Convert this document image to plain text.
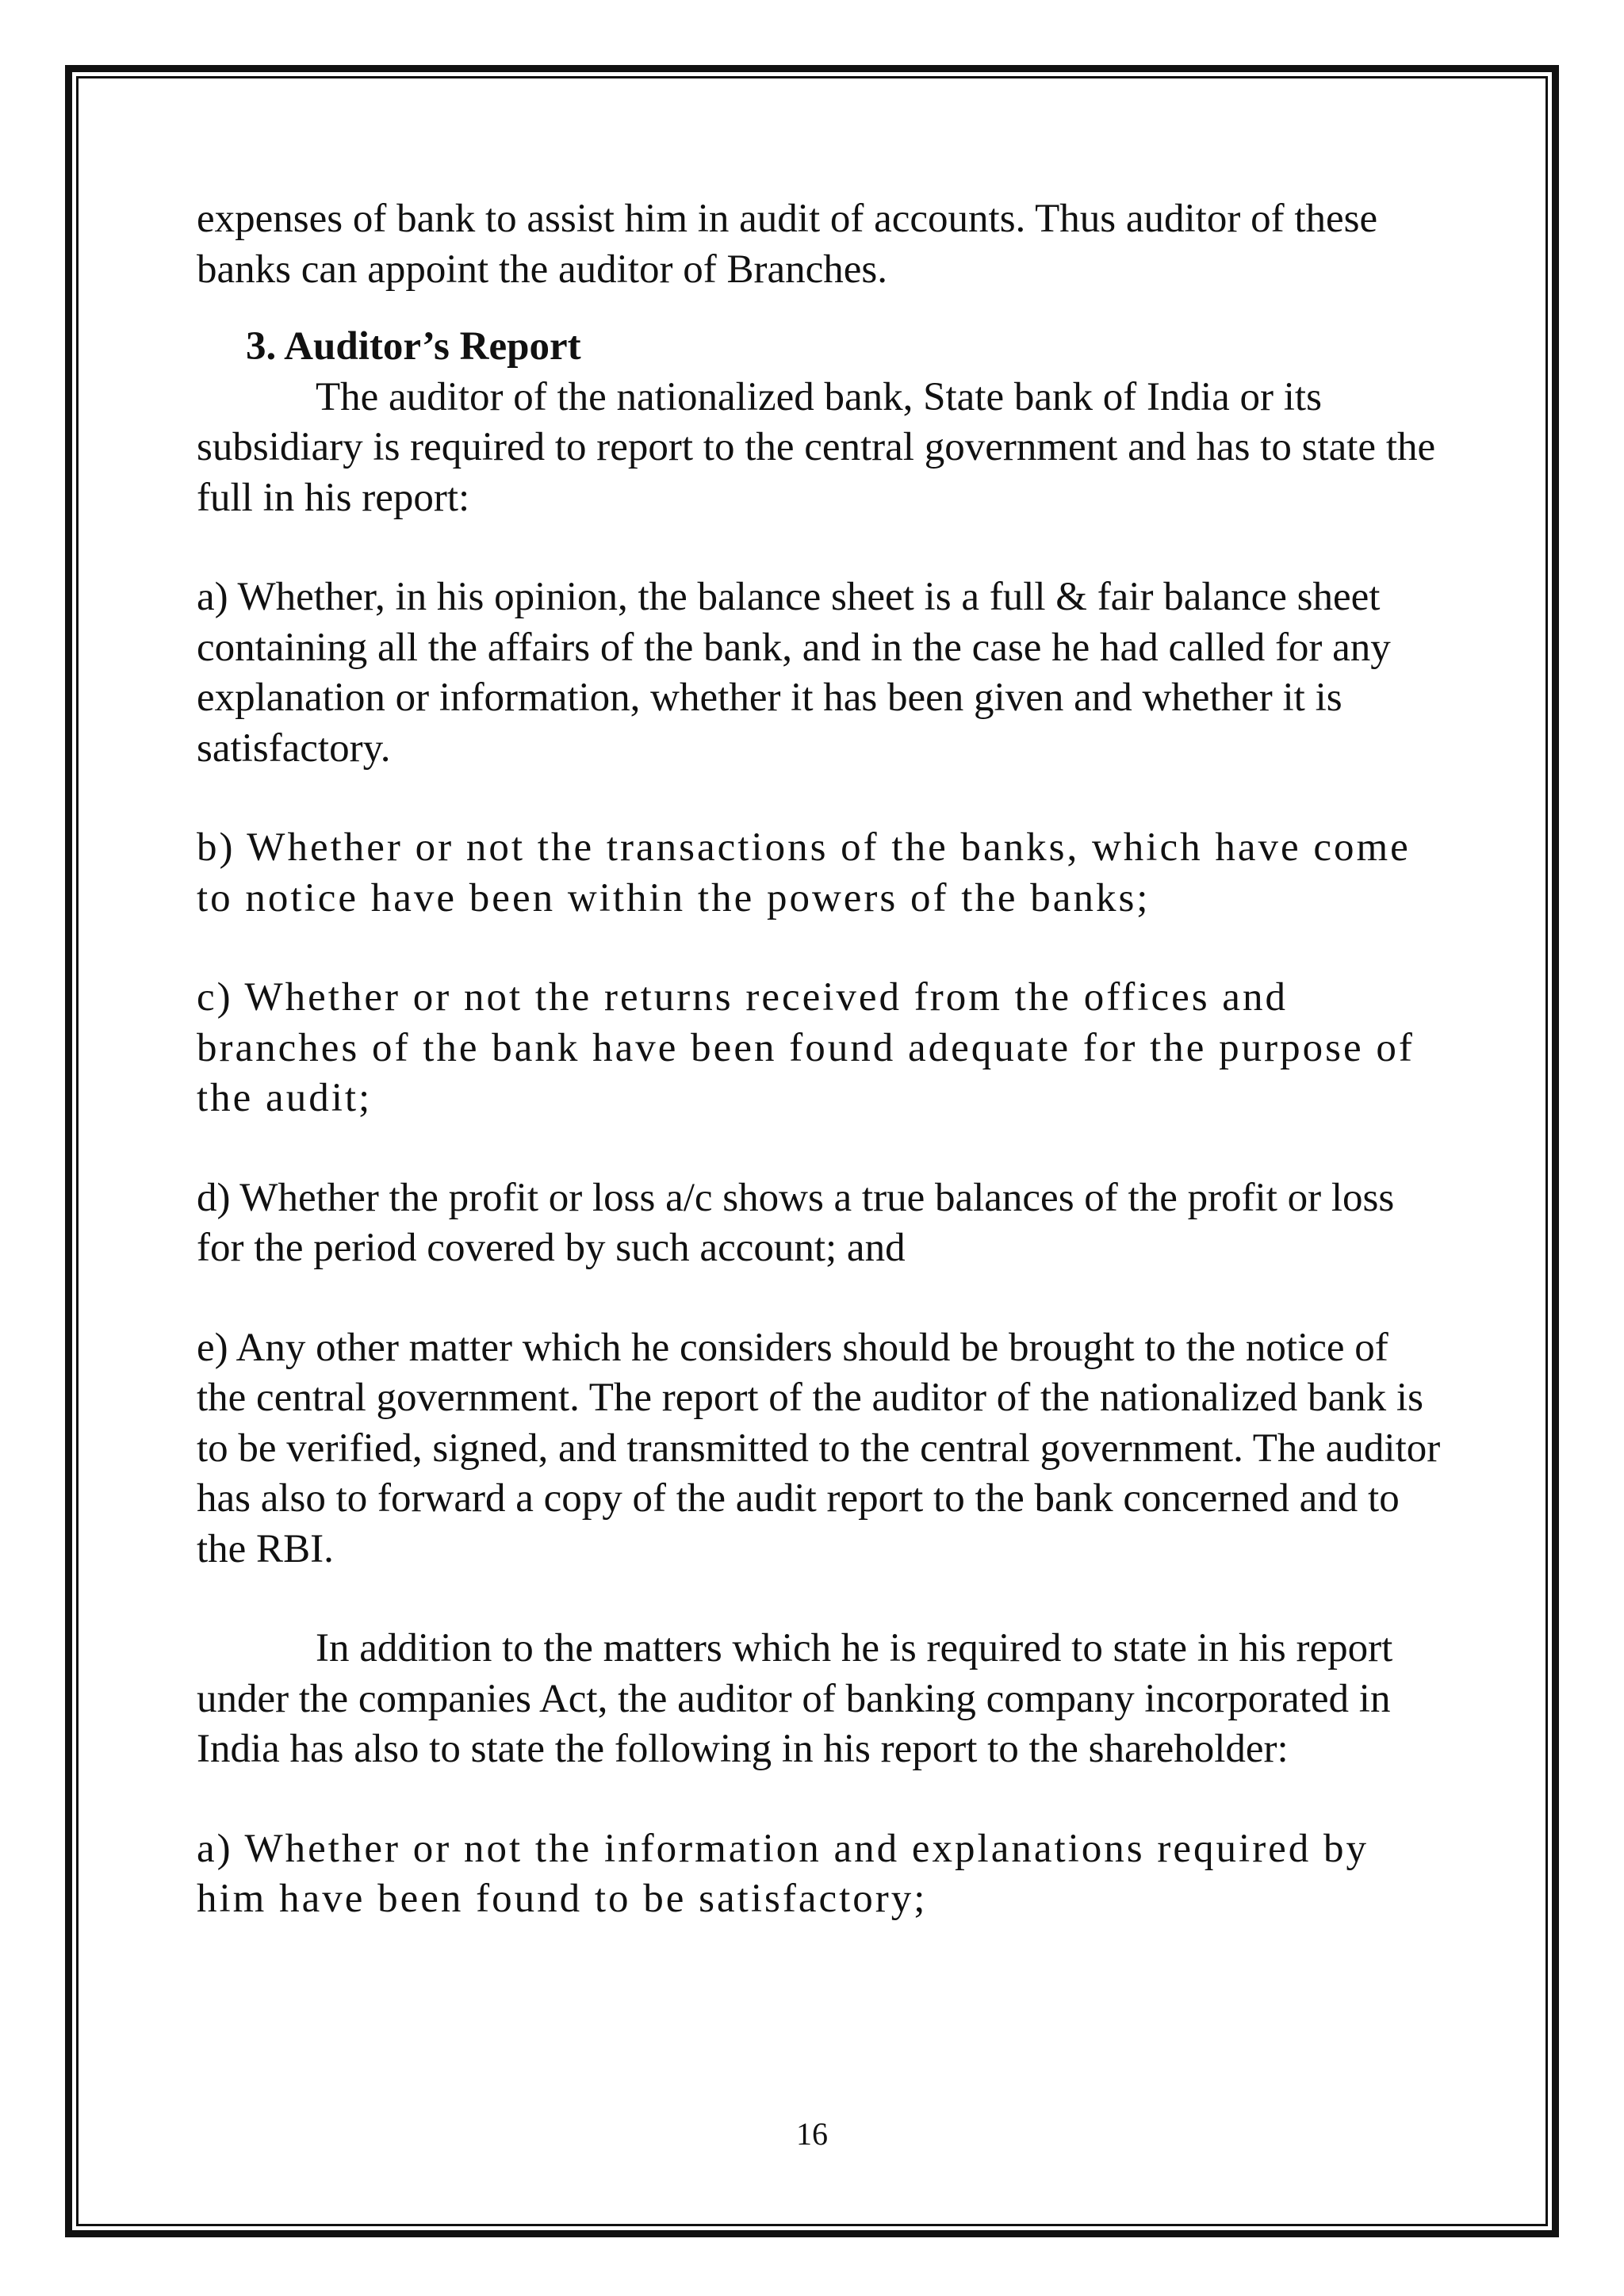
expenses of bank to assist him in audit of accounts. Thus auditor of these banks can appoint the auditor of Branches.

3. Auditor’s Report

The auditor of the nationalized bank, State bank of India or its subsidiary is required to report to the central government and has to state the full in his report:

a) Whether, in his opinion, the balance sheet is a full & fair balance sheet containing all the affairs of the bank, and in the case he had called for any explanation or information, whether it has been given and whether it is satisfactory.

b) Whether or not the transactions of the banks, which have come to notice have been within the powers of the banks;

c) Whether or not the returns received from the offices and branches of the bank have been found adequate for the purpose of the audit;

d) Whether the profit or loss a/c shows a true balances of the profit or loss for the period covered by such account; and

e) Any other matter which he considers should be brought to the notice of the central government. The report of the auditor of the nationalized bank is to be verified, signed, and transmitted to the central government. The auditor has also to forward a copy of the audit report to the bank concerned and to the RBI.

In addition to the matters which he is required to state in his report under the companies Act, the auditor of banking company incorporated in India has also to state the following in his report to the shareholder:

a) Whether or not the information and explanations required by him have been found to be satisfactory;

16
